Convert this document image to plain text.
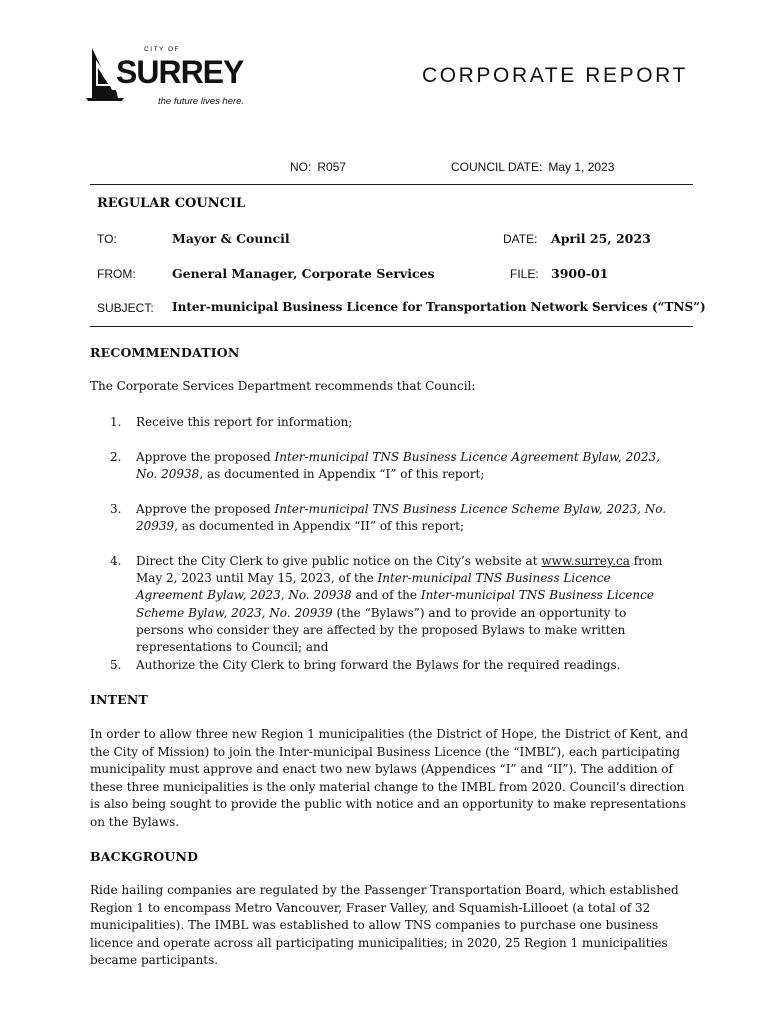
CITY OF
SURREY
the future lives here.
CORPORATE REPORT
NO: R057	COUNCIL DATE: May 1, 2023
REGULAR COUNCIL
TO:	Mayor & Council	DATE: April 25, 2023
FROM:	General Manager, Corporate Services	FILE: 3900-01
SUBJECT: Inter-municipal Business Licence for Transportation Network Services (“TNS”)
RECOMMENDATION
The Corporate Services Department recommends that Council:
1.	Receive this report for information;
2.	Approve the proposed Inter-municipal TNS Business Licence Agreement Bylaw, 2023, No. 20938, as documented in Appendix “I” of this report;
3.	Approve the proposed Inter-municipal TNS Business Licence Scheme Bylaw, 2023, No. 20939, as documented in Appendix “II” of this report;
4.	Direct the City Clerk to give public notice on the City’s website at www.surrey.ca from May 2, 2023 until May 15, 2023, of the Inter-municipal TNS Business Licence Agreement Bylaw, 2023, No. 20938 and of the Inter-municipal TNS Business Licence Scheme Bylaw, 2023, No. 20939 (the “Bylaws”) and to provide an opportunity to persons who consider they are affected by the proposed Bylaws to make written representations to Council; and
5.	Authorize the City Clerk to bring forward the Bylaws for the required readings.
INTENT
In order to allow three new Region 1 municipalities (the District of Hope, the District of Kent, and the City of Mission) to join the Inter-municipal Business Licence (the “IMBL”), each participating municipality must approve and enact two new bylaws (Appendices “I” and “II”). The addition of these three municipalities is the only material change to the IMBL from 2020. Council’s direction is also being sought to provide the public with notice and an opportunity to make representations on the Bylaws.
BACKGROUND
Ride hailing companies are regulated by the Passenger Transportation Board, which established Region 1 to encompass Metro Vancouver, Fraser Valley, and Squamish-Lillooet (a total of 32 municipalities). The IMBL was established to allow TNS companies to purchase one business licence and operate across all participating municipalities; in 2020, 25 Region 1 municipalities became participants.
